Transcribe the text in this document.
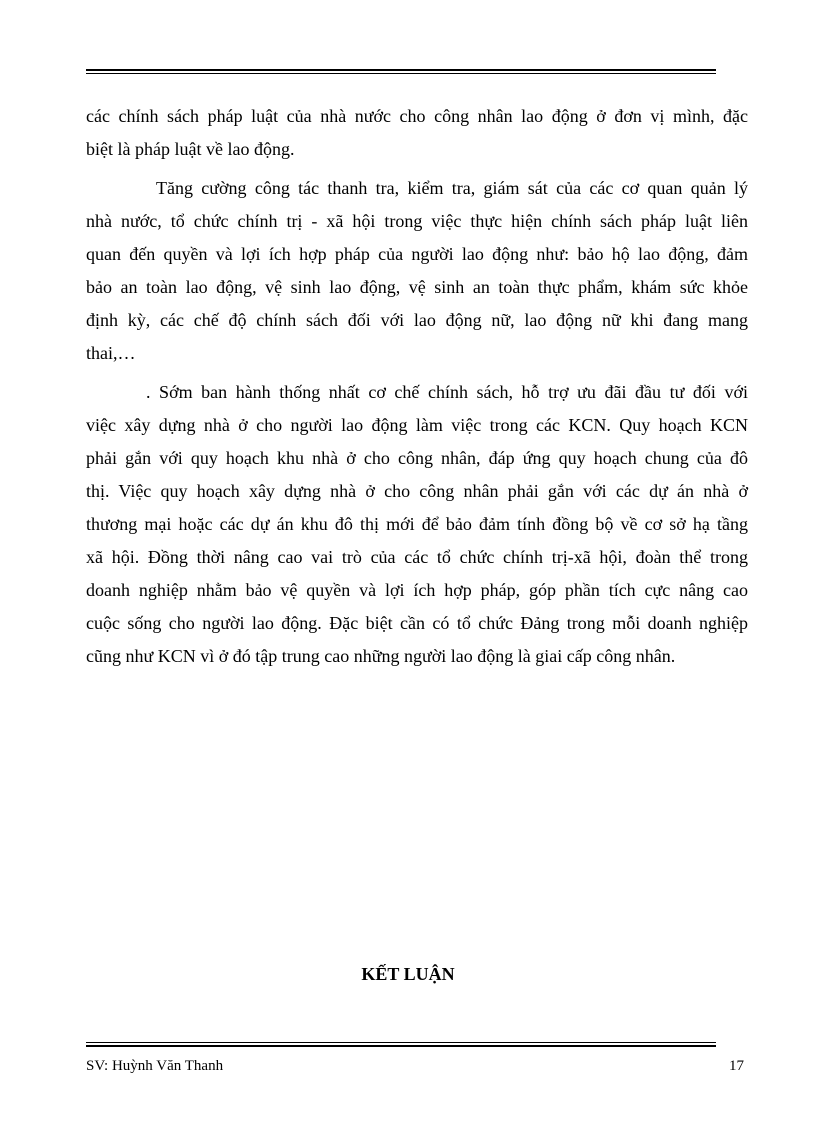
các chính sách pháp luật của nhà nước cho công nhân lao động ở đơn vị mình, đặc
biệt là pháp luật về lao động.
Tăng cường công tác thanh tra, kiểm tra, giám sát của các cơ quan quản lý
nhà nước, tổ chức chính trị - xã hội trong việc thực hiện chính sách pháp luật liên
quan đến quyền và lợi ích hợp pháp của người lao động như: bảo hộ lao động, đảm
bảo an toàn lao động, vệ sinh lao động, vệ sinh an toàn thực phẩm, khám sức khỏe
định kỳ, các chế độ chính sách đối với lao động nữ, lao động nữ khi đang mang
thai,…
. Sớm ban hành thống nhất cơ chế chính sách, hỗ trợ ưu đãi đầu tư đối với
việc xây dựng nhà ở cho người lao động làm việc trong các KCN. Quy hoạch KCN
phải gắn với quy hoạch khu nhà ở cho công nhân, đáp ứng quy hoạch chung của đô
thị. Việc quy hoạch xây dựng nhà ở cho công nhân phải gắn với các dự án nhà ở
thương mại hoặc các dự án khu đô thị mới để bảo đảm tính đồng bộ về cơ sở hạ tầng
xã hội. Đồng thời nâng cao vai trò của các tổ chức chính trị-xã hội, đoàn thể trong
doanh nghiệp nhằm bảo vệ quyền và lợi ích hợp pháp, góp phần tích cực nâng cao
cuộc sống cho người lao động. Đặc biệt cần có tổ chức Đảng trong mỗi doanh nghiệp
cũng như KCN vì ở đó tập trung cao những người lao động là giai cấp công nhân.
KẾT LUẬN
SV: Huỳnh Văn Thanh	17
